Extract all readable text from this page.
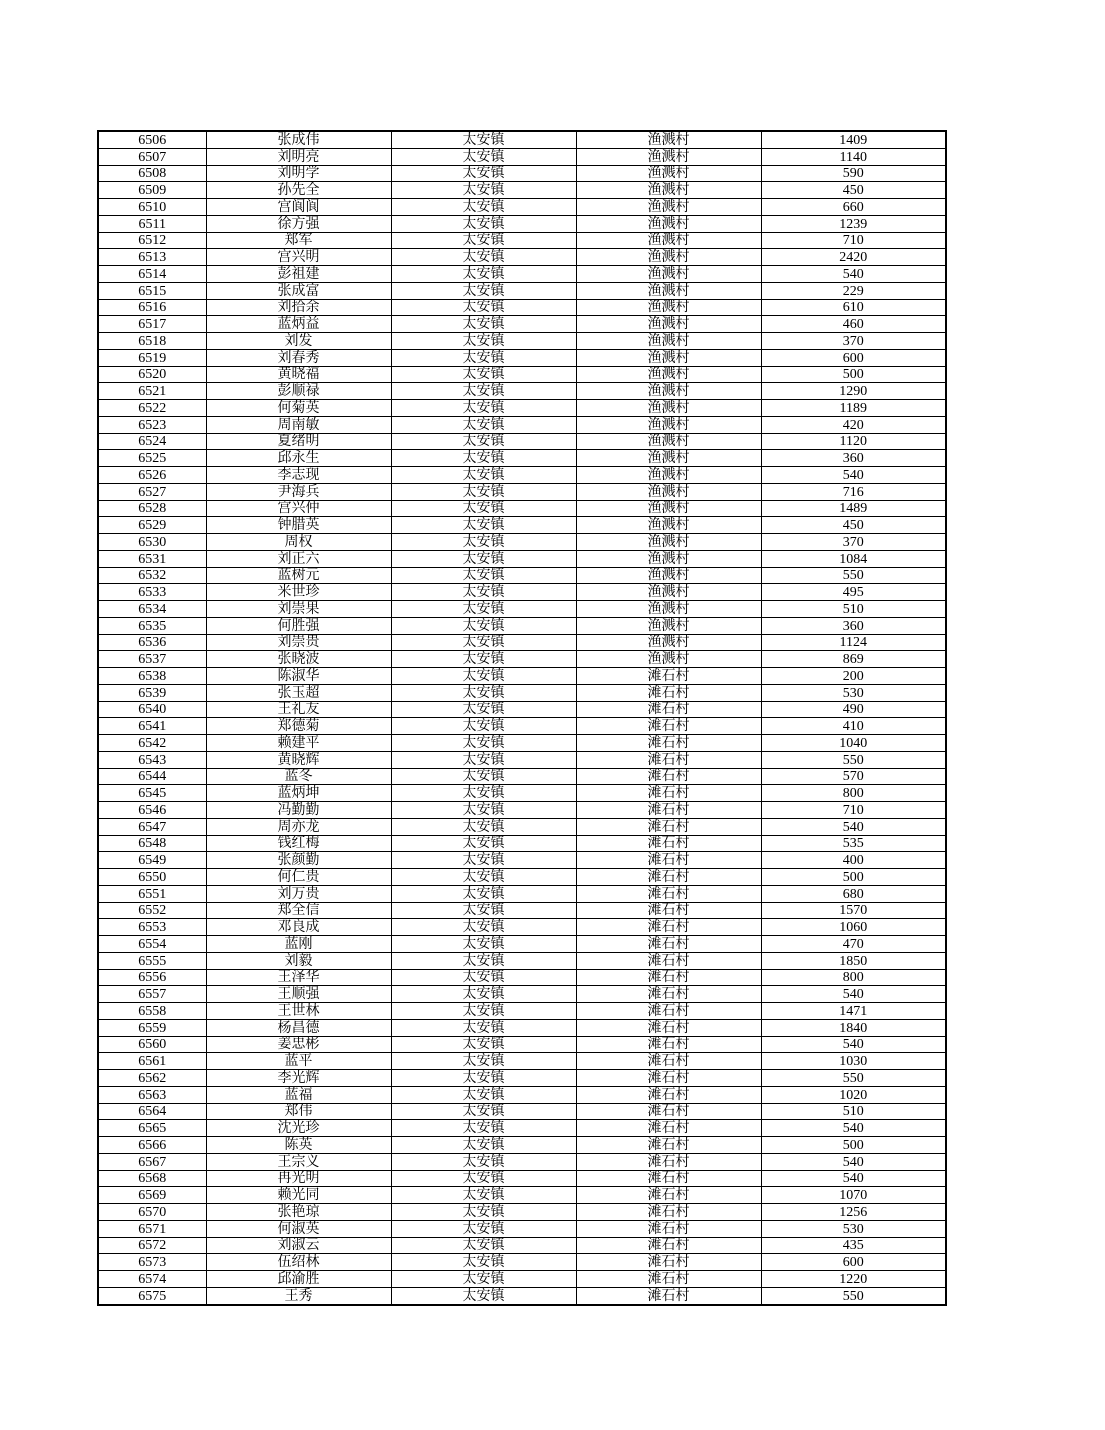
6506	张成伟	太安镇	渔溅村	1409
6507	刘明亮	太安镇	渔溅村	1140
6508	刘明学	太安镇	渔溅村	590
6509	孙先全	太安镇	渔溅村	450
6510	宫阆阆	太安镇	渔溅村	660
6511	徐方强	太安镇	渔溅村	1239
6512	郑军	太安镇	渔溅村	710
6513	宫兴明	太安镇	渔溅村	2420
6514	彭祖建	太安镇	渔溅村	540
6515	张成富	太安镇	渔溅村	229
6516	刘拾余	太安镇	渔溅村	610
6517	蓝炳益	太安镇	渔溅村	460
6518	刘发	太安镇	渔溅村	370
6519	刘春秀	太安镇	渔溅村	600
6520	黄晓福	太安镇	渔溅村	500
6521	彭顺禄	太安镇	渔溅村	1290
6522	何菊英	太安镇	渔溅村	1189
6523	周南敏	太安镇	渔溅村	420
6524	夏绪明	太安镇	渔溅村	1120
6525	邱永生	太安镇	渔溅村	360
6526	李志现	太安镇	渔溅村	540
6527	尹海兵	太安镇	渔溅村	716
6528	宫兴仲	太安镇	渔溅村	1489
6529	钟腊英	太安镇	渔溅村	450
6530	周权	太安镇	渔溅村	370
6531	刘正六	太安镇	渔溅村	1084
6532	蓝树元	太安镇	渔溅村	550
6533	米世珍	太安镇	渔溅村	495
6534	刘崇果	太安镇	渔溅村	510
6535	何胜强	太安镇	渔溅村	360
6536	刘崇贵	太安镇	渔溅村	1124
6537	张晓波	太安镇	渔溅村	869
6538	陈淑华	太安镇	滩石村	200
6539	张玉超	太安镇	滩石村	530
6540	王礼友	太安镇	滩石村	490
6541	郑德菊	太安镇	滩石村	410
6542	赖建平	太安镇	滩石村	1040
6543	黄晓辉	太安镇	滩石村	550
6544	蓝冬	太安镇	滩石村	570
6545	蓝炳坤	太安镇	滩石村	800
6546	冯勤勤	太安镇	滩石村	710
6547	周亦龙	太安镇	滩石村	540
6548	钱红梅	太安镇	滩石村	535
6549	张颜勤	太安镇	滩石村	400
6550	何仁贵	太安镇	滩石村	500
6551	刘万贵	太安镇	滩石村	680
6552	郑全信	太安镇	滩石村	1570
6553	邓良成	太安镇	滩石村	1060
6554	蓝刚	太安镇	滩石村	470
6555	刘毅	太安镇	滩石村	1850
6556	王泽华	太安镇	滩石村	800
6557	王顺强	太安镇	滩石村	540
6558	王世林	太安镇	滩石村	1471
6559	杨昌德	太安镇	滩石村	1840
6560	姜忠彬	太安镇	滩石村	540
6561	蓝平	太安镇	滩石村	1030
6562	李光辉	太安镇	滩石村	550
6563	蓝福	太安镇	滩石村	1020
6564	郑伟	太安镇	滩石村	510
6565	沈光珍	太安镇	滩石村	540
6566	陈英	太安镇	滩石村	500
6567	王宗义	太安镇	滩石村	540
6568	冉光明	太安镇	滩石村	540
6569	赖光同	太安镇	滩石村	1070
6570	张艳琼	太安镇	滩石村	1256
6571	何淑英	太安镇	滩石村	530
6572	刘淑云	太安镇	滩石村	435
6573	伍绍林	太安镇	滩石村	600
6574	邱渝胜	太安镇	滩石村	1220
6575	王秀	太安镇	滩石村	550
